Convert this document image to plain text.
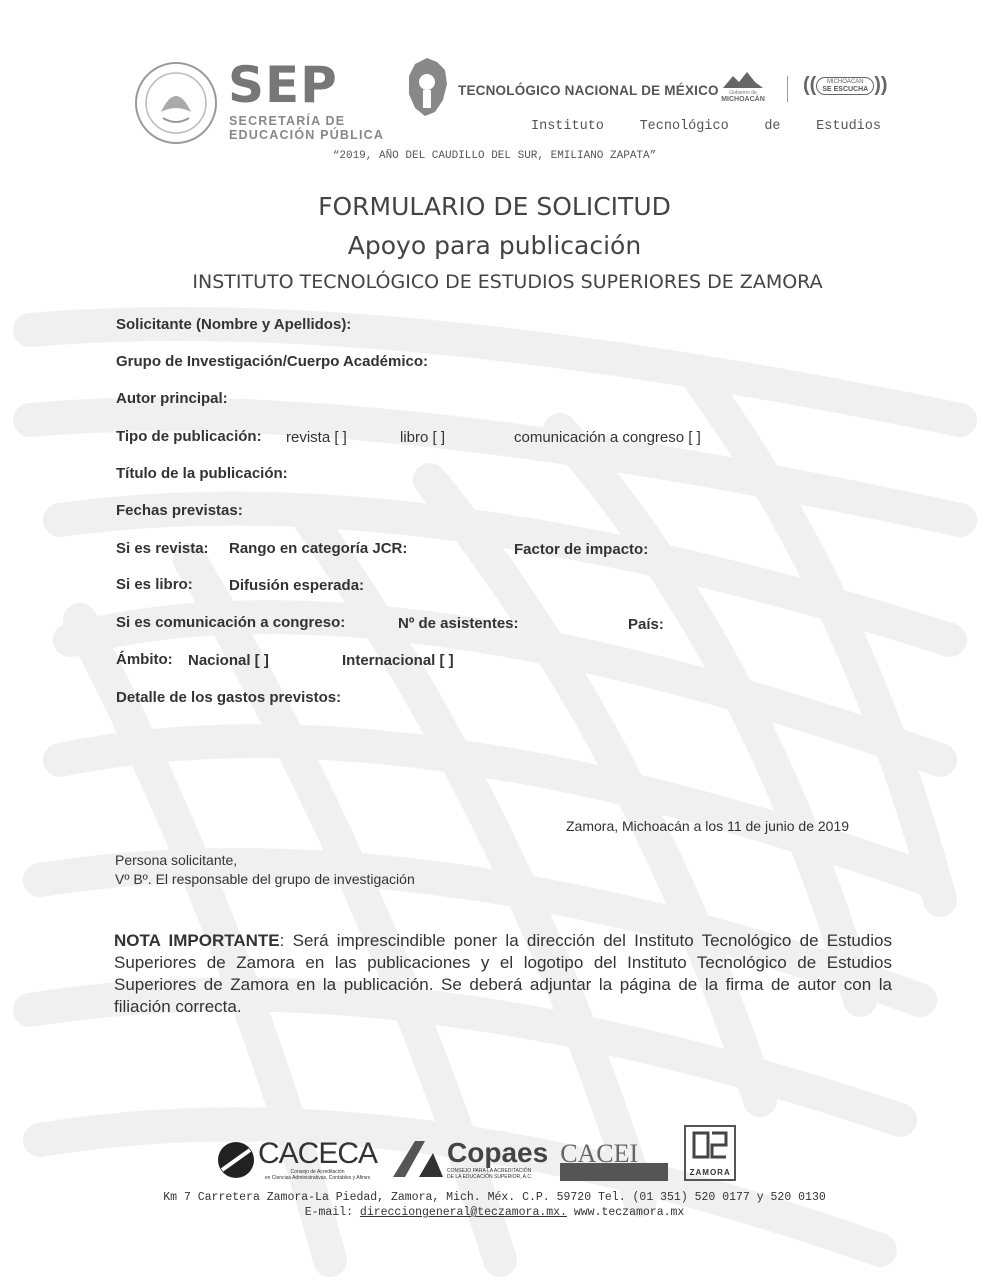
SEP
SECRETARÍA DE
EDUCACIÓN PÚBLICA
TECNOLÓGICO NACIONAL DE MÉXICO	Gobierno de
MICHOACÁN
((	MICHOACÁN
SE ESCUCHA ))
Instituto	Tecnológico	de	Estudios
“2019, AÑO DEL CAUDILLO DEL SUR, EMILIANO ZAPATA”
FORMULARIO DE SOLICITUD
Apoyo para publicación
INSTITUTO TECNOLÓGICO DE ESTUDIOS SUPERIORES DE ZAMORA
Solicitante (Nombre y Apellidos):
Grupo de Investigación/Cuerpo Académico:
Autor principal:
Tipo de publicación: revista [ ]	libro [ ]	comunicación a congreso [ ]
Título de la publicación:
Fechas previstas:
Si es revista: Rango en categoría JCR:	Factor de impacto:
Si es libro: Difusión esperada:
Si es comunicación a congreso:	Nº de asistentes:	País:
Ámbito: Nacional [ ]	Internacional [ ]
Detalle de los gastos previstos:
Zamora, Michoacán a los 11 de junio de 2019
Persona solicitante,
Vº Bº. El responsable del grupo de investigación
NOTA IMPORTANTE: Será imprescindible poner la dirección del Instituto Tecnológico de Estudios Superiores de Zamora en las publicaciones y el logotipo del Instituto Tecnológico de Estudios Superiores de Zamora en la publicación. Se deberá adjuntar la página de la firma de autor con la filiación correcta.
CACECA
Consejo de Acreditación
en Ciencias Administrativas, Contables y Afines
Copaes
CONSEJO PARA LA ACREDITACIÓN
DE LA EDUCACIÓN SUPERIOR, A.C.
CACEI
ZAMORA
Km 7 Carretera Zamora-La Piedad, Zamora, Mich. Méx. C.P. 59720 Tel. (01 351) 520 0177 y 520 0130
E-mail: direcciongeneral@teczamora.mx. www.teczamora.mx
